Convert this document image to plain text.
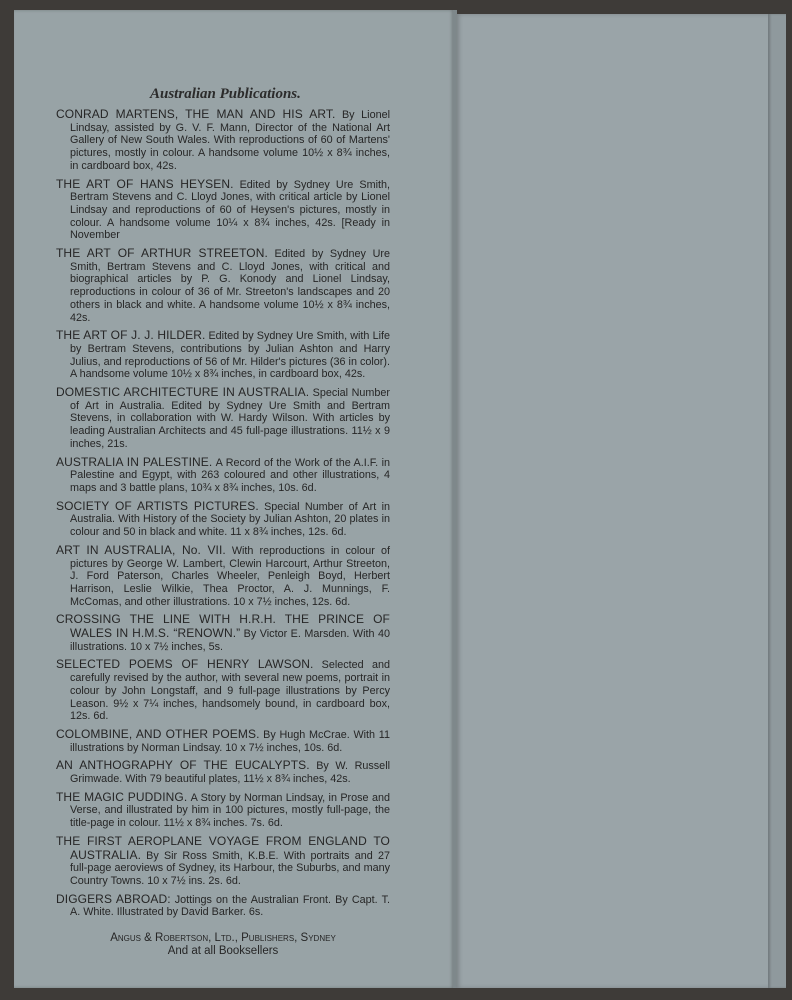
Australian Publications.

CONRAD MARTENS, THE MAN AND HIS ART. By Lionel Lindsay, assisted by G. V. F. Mann, Director of the National Art Gallery of New South Wales. With reproductions of 60 of Martens' pictures, mostly in colour. A handsome volume 10½ x 8¾ inches, in cardboard box, 42s.

THE ART OF HANS HEYSEN. Edited by Sydney Ure Smith, Bertram Stevens and C. Lloyd Jones, with critical article by Lionel Lindsay and reproductions of 60 of Heysen's pictures, mostly in colour. A handsome volume 10¼ x 8¾ inches, 42s. [Ready in November

THE ART OF ARTHUR STREETON. Edited by Sydney Ure Smith, Bertram Stevens and C. Lloyd Jones, with critical and biographical articles by P. G. Konody and Lionel Lindsay, reproductions in colour of 36 of Mr. Streeton's landscapes and 20 others in black and white. A handsome volume 10½ x 8¾ inches, 42s.

THE ART OF J. J. HILDER. Edited by Sydney Ure Smith, with Life by Bertram Stevens, contributions by Julian Ashton and Harry Julius, and reproductions of 56 of Mr. Hilder's pictures (36 in color). A handsome volume 10½ x 8¾ inches, in cardboard box, 42s.

DOMESTIC ARCHITECTURE IN AUSTRALIA. Special Number of Art in Australia. Edited by Sydney Ure Smith and Bertram Stevens, in collaboration with W. Hardy Wilson. With articles by leading Australian Architects and 45 full-page illustrations. 11½ x 9 inches, 21s.

AUSTRALIA IN PALESTINE. A Record of the Work of the A.I.F. in Palestine and Egypt, with 263 coloured and other illustrations, 4 maps and 3 battle plans, 10¾ x 8¾ inches, 10s. 6d.

SOCIETY OF ARTISTS PICTURES. Special Number of Art in Australia. With History of the Society by Julian Ashton, 20 plates in colour and 50 in black and white. 11 x 8¾ inches, 12s. 6d.

ART IN AUSTRALIA, No. VII. With reproductions in colour of pictures by George W. Lambert, Clewin Harcourt, Arthur Streeton, J. Ford Paterson, Charles Wheeler, Penleigh Boyd, Herbert Harrison, Leslie Wilkie, Thea Proctor, A. J. Munnings, F. McComas, and other illustrations. 10 x 7½ inches, 12s. 6d.

CROSSING THE LINE WITH H.R.H. THE PRINCE OF WALES IN H.M.S. “RENOWN.” By Victor E. Marsden. With 40 illustrations. 10 x 7½ inches, 5s.

SELECTED POEMS OF HENRY LAWSON. Selected and carefully revised by the author, with several new poems, portrait in colour by John Longstaff, and 9 full-page illustrations by Percy Leason. 9½ x 7¼ inches, handsomely bound, in cardboard box, 12s. 6d.

COLOMBINE, AND OTHER POEMS. By Hugh McCrae. With 11 illustrations by Norman Lindsay. 10 x 7½ inches, 10s. 6d.

AN ANTHOGRAPHY OF THE EUCALYPTS. By W. Russell Grimwade. With 79 beautiful plates, 11½ x 8¾ inches, 42s.

THE MAGIC PUDDING. A Story by Norman Lindsay, in Prose and Verse, and illustrated by him in 100 pictures, mostly full-page, the title-page in colour. 11½ x 8¾ inches. 7s. 6d.

THE FIRST AEROPLANE VOYAGE FROM ENGLAND TO AUSTRALIA. By Sir Ross Smith, K.B.E. With portraits and 27 full-page aeroviews of Sydney, its Harbour, the Suburbs, and many Country Towns. 10 x 7½ ins. 2s. 6d.

DIGGERS ABROAD: Jottings on the Australian Front. By Capt. T. A. White. Illustrated by David Barker. 6s.

Angus & Robertson, Ltd., Publishers, Sydney
And at all Booksellers
